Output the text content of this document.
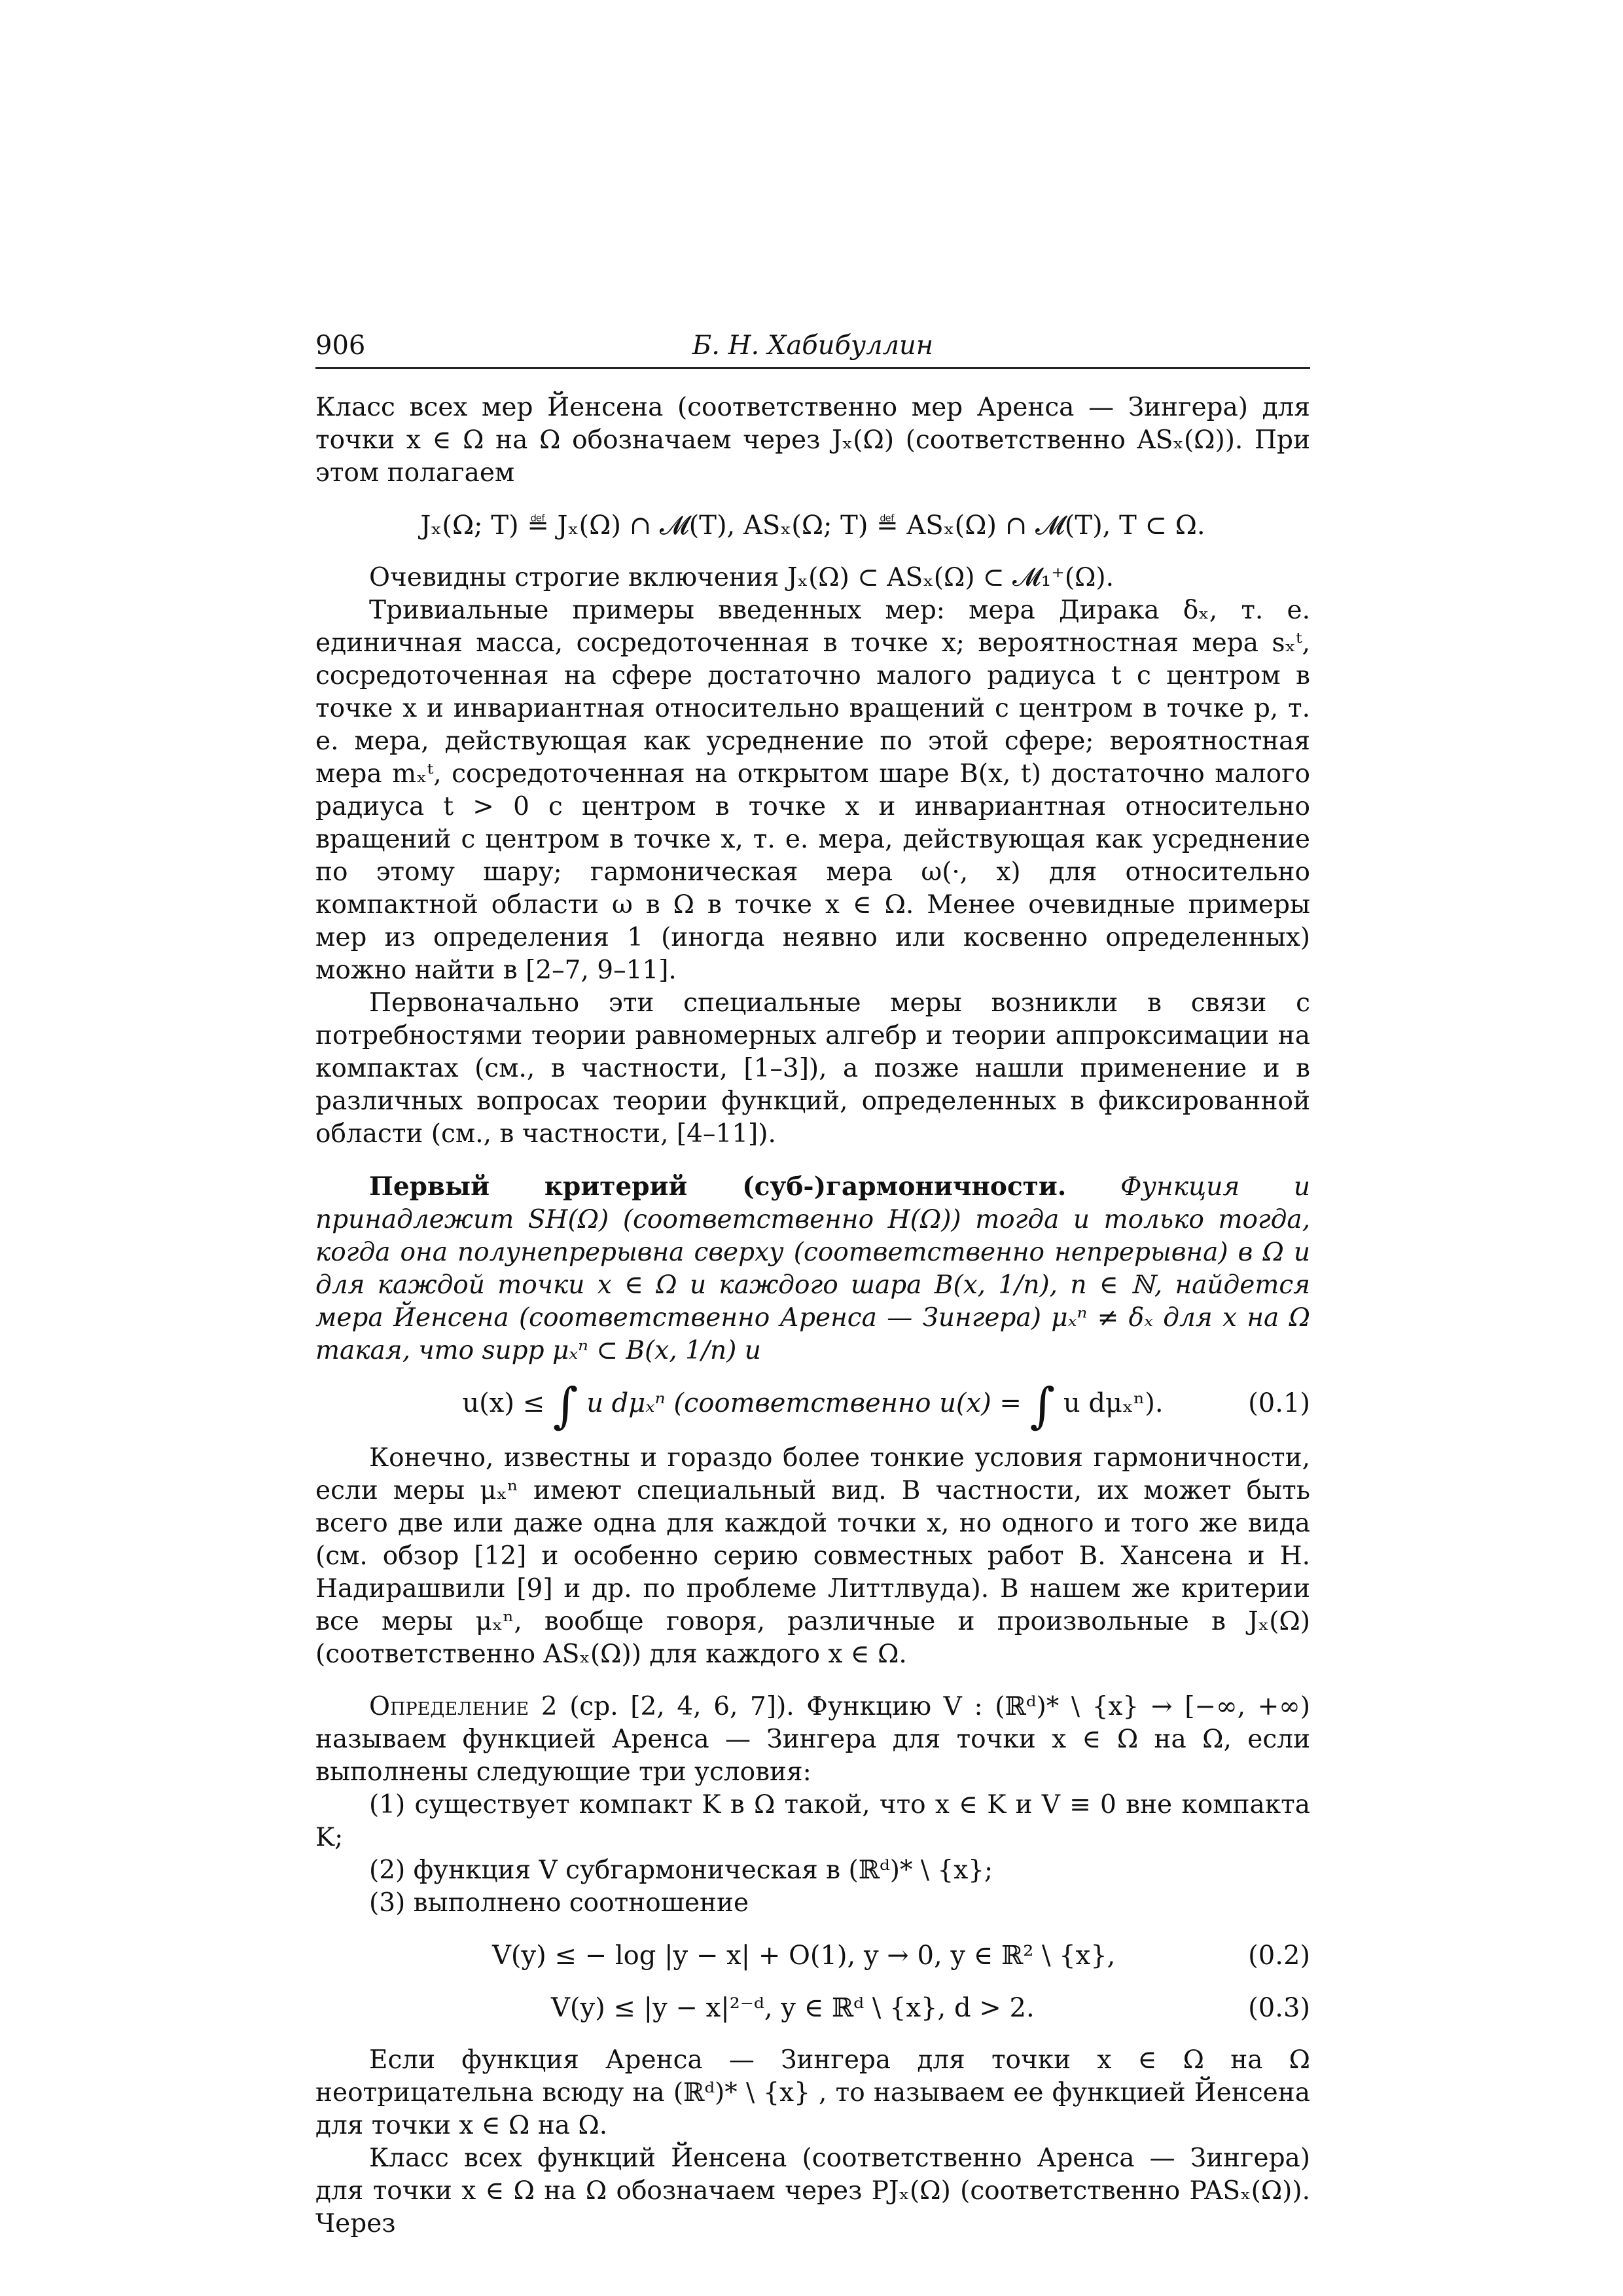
906	Б. Н. Хабибуллин

Класс всех мер Йенсена (соответственно мер Аренса — Зингера) для точки x ∈ Ω на Ω обозначаем через Jₓ(Ω) (соответственно ASₓ(Ω)). При этом полагаем

Jₓ(Ω; T) ≝ Jₓ(Ω) ∩ 𝓜(T), ASₓ(Ω; T) ≝ ASₓ(Ω) ∩ 𝓜(T), T ⊂ Ω.

Очевидны строгие включения Jₓ(Ω) ⊂ ASₓ(Ω) ⊂ 𝓜₁⁺(Ω).

Тривиальные примеры введенных мер: мера Дирака δₓ, т. е. единичная масса, сосредоточенная в точке x; вероятностная мера sₓᵗ, сосредоточенная на сфере достаточно малого радиуса t с центром в точке x и инвариантная относительно вращений с центром в точке p, т. е. мера, действующая как усреднение по этой сфере; вероятностная мера mₓᵗ, сосредоточенная на открытом шаре B(x, t) достаточно малого радиуса t > 0 с центром в точке x и инвариантная относительно вращений с центром в точке x, т. е. мера, действующая как усреднение по этому шару; гармоническая мера ω(·, x) для относительно компактной области ω в Ω в точке x ∈ Ω. Менее очевидные примеры мер из определения 1 (иногда неявно или косвенно определенных) можно найти в [2–7, 9–11].

Первоначально эти специальные меры возникли в связи с потребностями теории равномерных алгебр и теории аппроксимации на компактах (см., в частности, [1–3]), а позже нашли применение и в различных вопросах теории функций, определенных в фиксированной области (см., в частности, [4–11]).

Первый критерий (суб-)гармоничности. Функция u принадлежит SH(Ω) (соответственно H(Ω)) тогда и только тогда, когда она полунепрерывна сверху (соответственно непрерывна) в Ω и для каждой точки x ∈ Ω и каждого шара B(x, 1/n), n ∈ ℕ, найдется мера Йенсена (соответственно Аренса — Зингера) μₓⁿ ≠ δₓ для x на Ω такая, что supp μₓⁿ ⊂ B(x, 1/n) и

u(x) ≤ ∫ u dμₓⁿ (соответственно u(x) = ∫ u dμₓⁿ).	(0.1)

Конечно, известны и гораздо более тонкие условия гармоничности, если меры μₓⁿ имеют специальный вид. В частности, их может быть всего две или даже одна для каждой точки x, но одного и того же вида (см. обзор [12] и особенно серию совместных работ В. Хансена и Н. Надирашвили [9] и др. по проблеме Литтлвуда). В нашем же критерии все меры μₓⁿ, вообще говоря, различные и произвольные в Jₓ(Ω) (соответственно ASₓ(Ω)) для каждого x ∈ Ω.

Определение 2 (ср. [2, 4, 6, 7]). Функцию V : (ℝᵈ)* \ {x} → [−∞, +∞) называем функцией Аренса — Зингера для точки x ∈ Ω на Ω, если выполнены следующие три условия:

(1) существует компакт K в Ω такой, что x ∈ K и V ≡ 0 вне компакта K;

(2) функция V субгармоническая в (ℝᵈ)* \ {x};

(3) выполнено соотношение

V(y) ≤ − log |y − x| + O(1), y → 0, y ∈ ℝ² \ {x},	(0.2)
V(y) ≤ |y − x|²⁻ᵈ, y ∈ ℝᵈ \ {x}, d > 2.	(0.3)

Если функция Аренса — Зингера для точки x ∈ Ω на Ω неотрицательна всюду на (ℝᵈ)* \ {x} , то называем ее функцией Йенсена для точки x ∈ Ω на Ω.

Класс всех функций Йенсена (соответственно Аренса — Зингера) для точки x ∈ Ω на Ω обозначаем через PJₓ(Ω) (соответственно PASₓ(Ω)). Через
